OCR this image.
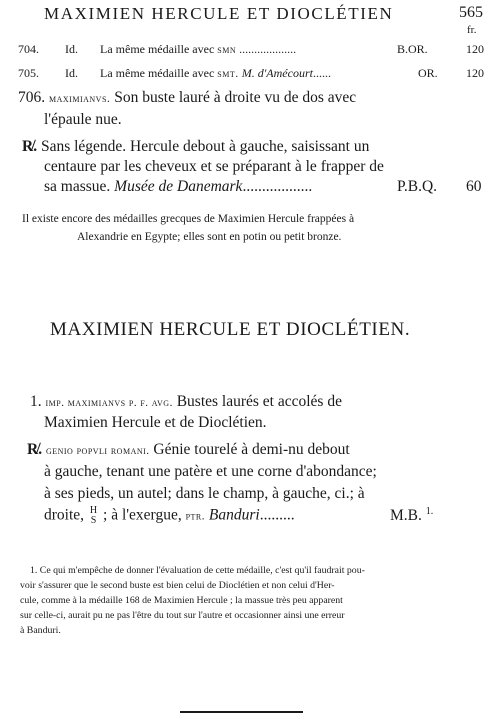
MAXIMIEN HERCULE ET DIOCLÉTIEN	565
fr.
704. Id. La même médaille avec smn ...................	B.OR.	120
705. Id. La même médaille avec smt. M. d'Amécourt......	OR. 120
706. maximianvs. Son buste lauré à droite vu de dos avec
l'épaule nue.
R̸. Sans légende. Hercule debout à gauche, saisissant un
centaure par les cheveux et se préparant à le frapper de
sa massue. Musée de Danemark..................	P.B.Q. 60
Il existe encore des médailles grecques de Maximien Hercule frappées à
Alexandrie en Egypte; elles sont en potin ou petit bronze.
MAXIMIEN HERCULE ET DIOCLÉTIEN.
1. imp. maximianvs p. f. avg. Bustes laurés et accolés de
Maximien Hercule et de Dioclétien.
R̸. genio popvli romani. Génie tourelé à demi-nu debout
à gauche, tenant une patère et une corne d'abondance;
à ses pieds, un autel; dans le champ, à gauche, ci.; à
droite, H
S ; à l'exergue, ptr. Banduri.........	M.B. $^{1.}$
1. Ce qui m'empêche de donner l'évaluation de cette médaille, c'est qu'il faudrait pou-
voir s'assurer que le second buste est bien celui de Dioclétien et non celui d'Her-
cule, comme à la médaille 168 de Maximien Hercule ; la massue très peu apparent
sur celle-ci, aurait pu ne pas l'être du tout sur l'autre et occasionner ainsi une erreur
à Banduri.
